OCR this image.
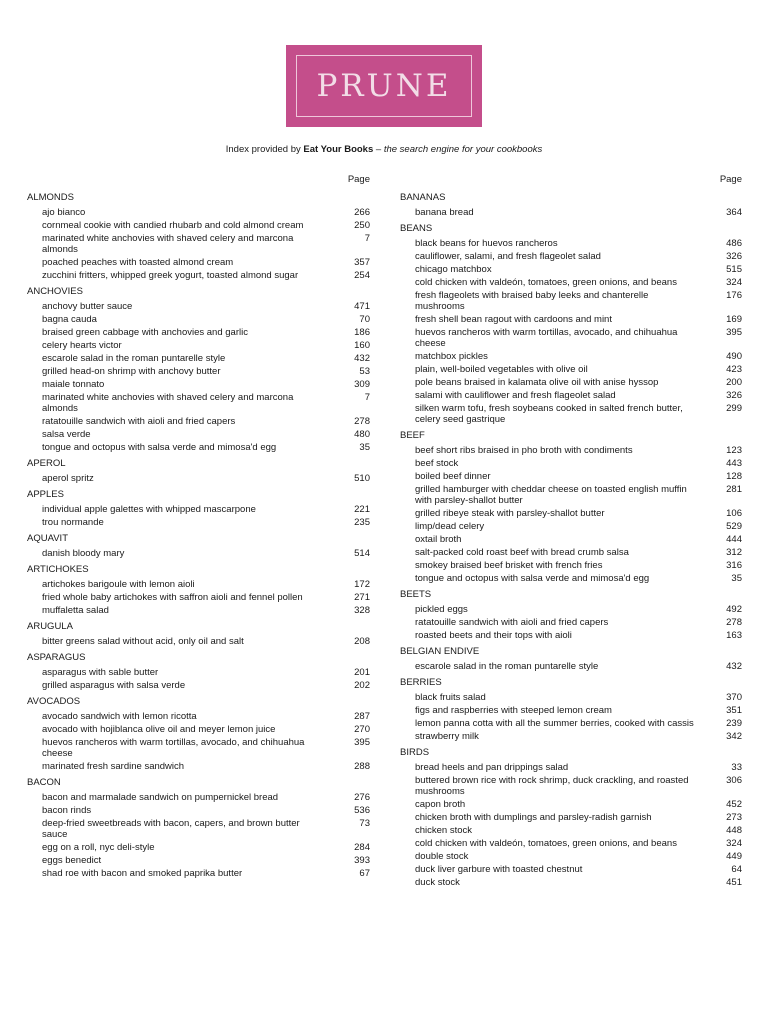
PRUNE
Index provided by Eat Your Books – the search engine for your cookbooks
Page
ALMONDS
ajo bianco	266
cornmeal cookie with candied rhubarb and cold almond cream	250
marinated white anchovies with shaved celery and marcona almonds
7
poached peaches with toasted almond cream	357
zucchini fritters, whipped greek yogurt, toasted almond sugar	254
ANCHOVIES
anchovy butter sauce	471
bagna cauda	70
braised green cabbage with anchovies and garlic	186
celery hearts victor	160
escarole salad in the roman puntarelle style	432
grilled head-on shrimp with anchovy butter	53
maiale tonnato	309
marinated white anchovies with shaved celery and marcona almonds
7
ratatouille sandwich with aioli and fried capers	278
salsa verde	480
tongue and octopus with salsa verde and mimosa'd egg	35
APEROL
aperol spritz	510
APPLES
individual apple galettes with whipped mascarpone	221
trou normande	235
AQUAVIT
danish bloody mary	514
ARTICHOKES
artichokes barigoule with lemon aioli	172
fried whole baby artichokes with saffron aioli and fennel pollen	271
muffaletta salad	328
ARUGULA
bitter greens salad without acid, only oil and salt	208
ASPARAGUS
asparagus with sable butter	201
grilled asparagus with salsa verde	202
AVOCADOS
avocado sandwich with lemon ricotta	287
avocado with hojiblanca olive oil and meyer lemon juice	270
huevos rancheros with warm tortillas, avocado, and chihuahua cheese
395
marinated fresh sardine sandwich	288
BACON
bacon and marmalade sandwich on pumpernickel bread	276
bacon rinds	536
deep-fried sweetbreads with bacon, capers, and brown butter sauce
73
egg on a roll, nyc deli-style	284
eggs benedict	393
shad roe with bacon and smoked paprika butter	67
Page
BANANAS
banana bread	364
BEANS
black beans for huevos rancheros	486
cauliflower, salami, and fresh flageolet salad	326
chicago matchbox	515
cold chicken with valdeón, tomatoes, green onions, and beans	324
fresh flageolets with braised baby leeks and chanterelle mushrooms
176
fresh shell bean ragout with cardoons and mint	169
huevos rancheros with warm tortillas, avocado, and chihuahua cheese
395
matchbox pickles	490
plain, well-boiled vegetables with olive oil	423
pole beans braised in kalamata olive oil with anise hyssop	200
salami with cauliflower and fresh flageolet salad	326
silken warm tofu, fresh soybeans cooked in salted french butter, celery seed gastrique
299
BEEF
beef short ribs braised in pho broth with condiments	123
beef stock	443
boiled beef dinner	128
grilled hamburger with cheddar cheese on toasted english muffin with parsley-shallot butter
281
grilled ribeye steak with parsley-shallot butter	106
limp/dead celery	529
oxtail broth	444
salt-packed cold roast beef with bread crumb salsa	312
smokey braised beef brisket with french fries	316
tongue and octopus with salsa verde and mimosa'd egg	35
BEETS
pickled eggs	492
ratatouille sandwich with aioli and fried capers	278
roasted beets and their tops with aioli	163
BELGIAN ENDIVE
escarole salad in the roman puntarelle style	432
BERRIES
black fruits salad	370
figs and raspberries with steeped lemon cream	351
lemon panna cotta with all the summer berries, cooked with cassis	239
strawberry milk	342
BIRDS
bread heels and pan drippings salad	33
buttered brown rice with rock shrimp, duck crackling, and roasted mushrooms
306
capon broth	452
chicken broth with dumplings and parsley-radish garnish	273
chicken stock	448
cold chicken with valdeón, tomatoes, green onions, and beans	324
double stock	449
duck liver garbure with toasted chestnut	64
duck stock	451
